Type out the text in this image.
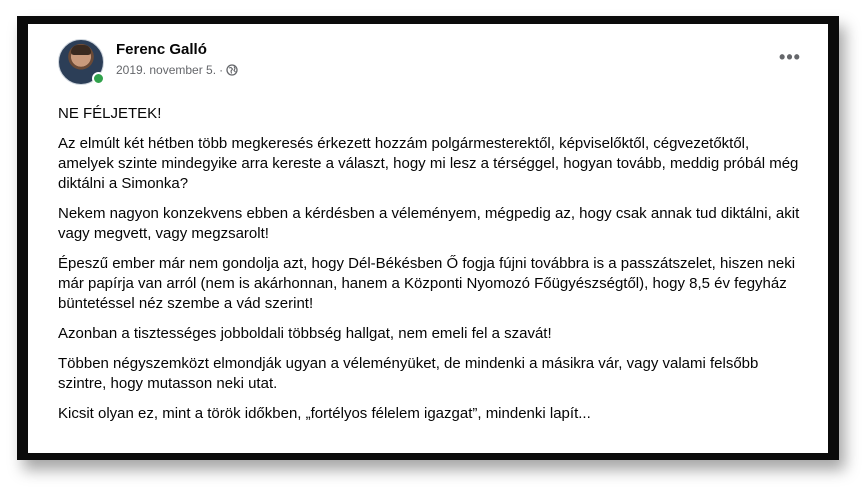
Ferenc Galló
2019. november 5. ·
•••

NE FÉLJETEK!

Az elmúlt két hétben több megkeresés érkezett hozzám polgármesterektől, képviselőktől, cégvezetőktől, amelyek szinte mindegyike arra kereste a választ, hogy mi lesz a térséggel, hogyan tovább, meddig próbál még diktálni a Simonka?

Nekem nagyon konzekvens ebben a kérdésben a véleményem, mégpedig az, hogy csak annak tud diktálni, akit vagy megvett, vagy megzsarolt!

Épeszű ember már nem gondolja azt, hogy Dél-Békésben Ő fogja fújni továbbra is a passzátszelet, hiszen neki már papírja van arról (nem is akárhonnan, hanem a Központi Nyomozó Főügyészségtől), hogy 8,5 év fegyház büntetéssel néz szembe a vád szerint!

Azonban a tisztességes jobboldali többség hallgat, nem emeli fel a szavát!

Többen négyszemközt elmondják ugyan a véleményüket, de mindenki a másikra vár, vagy valami felsőbb szintre, hogy mutasson neki utat.

Kicsit olyan ez, mint a török időkben, „fortélyos félelem igazgat”, mindenki lapít...
